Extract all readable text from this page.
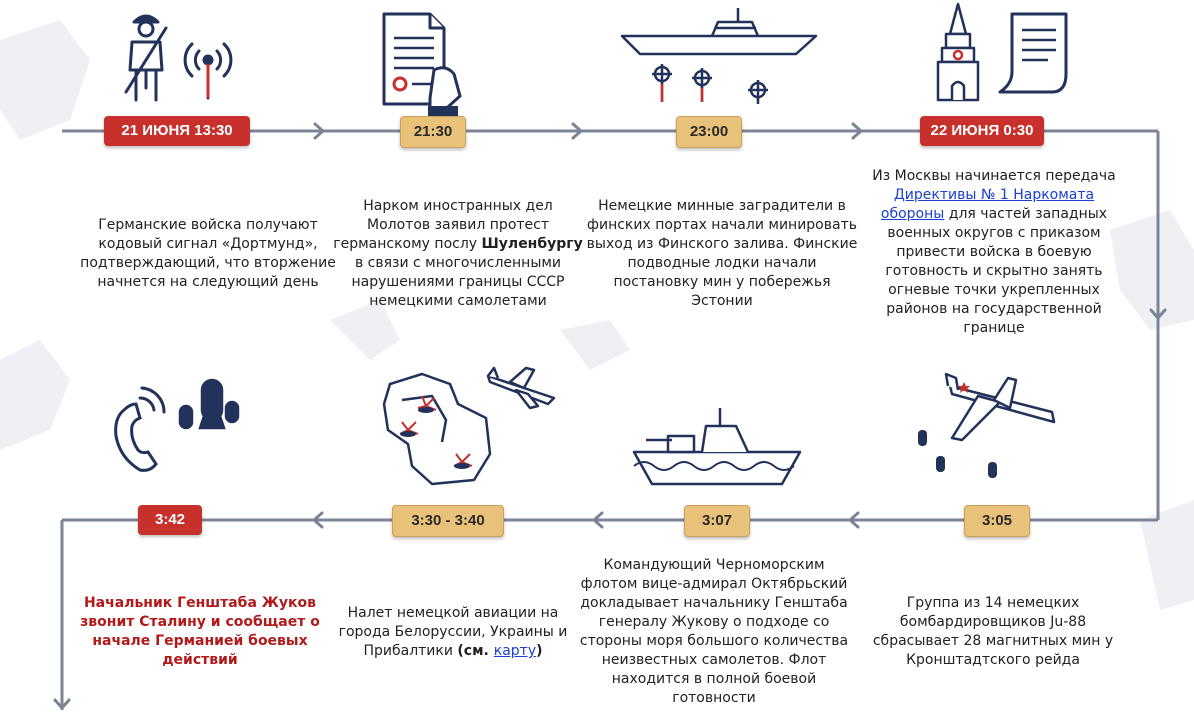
21 ИЮНЯ 13:30	21:30	23:00	22 ИЮНЯ 0:30
Германские войска получают кодовый сигнал «Дортмунд», подтверждающий, что вторжение начнется на следующий день
Нарком иностранных дел Молотов заявил протест германскому послу Шуленбургу в связи с многочисленными нарушениями границы СССР немецкими самолетами
Немецкие минные заградители в финских портах начали минировать выход из Финского залива. Финские подводные лодки начали постановку мин у побережья Эстонии
Из Москвы начинается передача Директивы № 1 Наркомата обороны для частей западных военных округов с приказом привести войска в боевую готовность и скрытно занять огневые точки укрепленных районов на государственной границе
3:42	3:30 - 3:40	3:07	3:05
Начальник Генштаба Жуков звонит Сталину и сообщает о начале Германией боевых действий
Налет немецкой авиации на города Белоруссии, Украины и Прибалтики (см. карту)
Командующий Черноморским флотом вице-адмирал Октябрьский докладывает начальнику Генштаба генералу Жукову о подходе со стороны моря большого количества неизвестных самолетов. Флот находится в полной боевой готовности
Группа из 14 немецких бомбардировщиков Ju-88 сбрасывает 28 магнитных мин у Кронштадтского рейда
